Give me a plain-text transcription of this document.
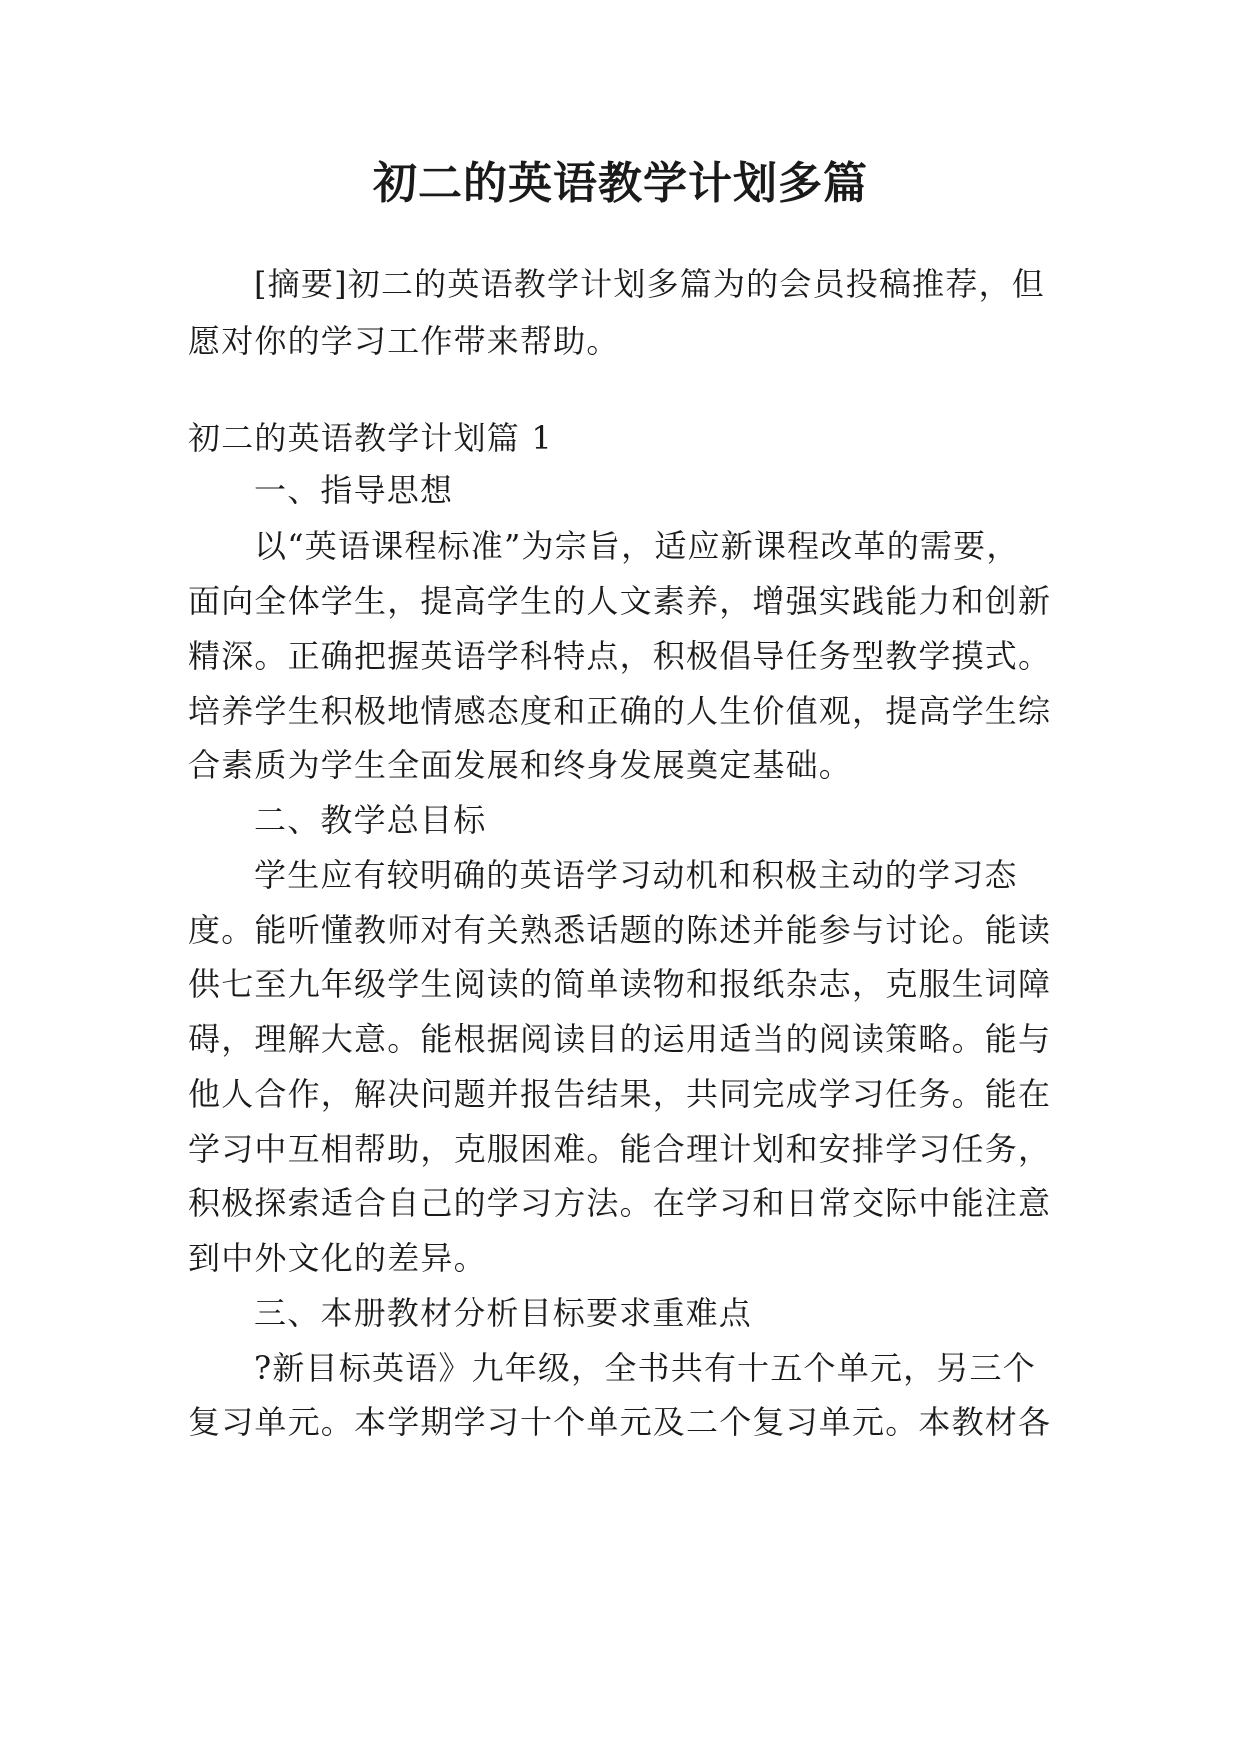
初二的英语教学计划多篇
[摘要]初二的英语教学计划多篇为的会员投稿推荐，但
愿对你的学习工作带来帮助。
初二的英语教学计划篇 1
一、指导思想
以“英语课程标准”为宗旨，适应新课程改革的需要，
面向全体学生，提高学生的人文素养，增强实践能力和创新
精深。正确把握英语学科特点，积极倡导任务型教学摸式。
培养学生积极地情感态度和正确的人生价值观，提高学生综
合素质为学生全面发展和终身发展奠定基础。
二、教学总目标
学生应有较明确的英语学习动机和积极主动的学习态
度。能听懂教师对有关熟悉话题的陈述并能参与讨论。能读
供七至九年级学生阅读的简单读物和报纸杂志，克服生词障
碍，理解大意。能根据阅读目的运用适当的阅读策略。能与
他人合作，解决问题并报告结果，共同完成学习任务。能在
学习中互相帮助，克服困难。能合理计划和安排学习任务，
积极探索适合自己的学习方法。在学习和日常交际中能注意
到中外文化的差异。
三、本册教材分析目标要求重难点
?新目标英语》九年级，全书共有十五个单元，另三个
复习单元。本学期学习十个单元及二个复习单元。本教材各
